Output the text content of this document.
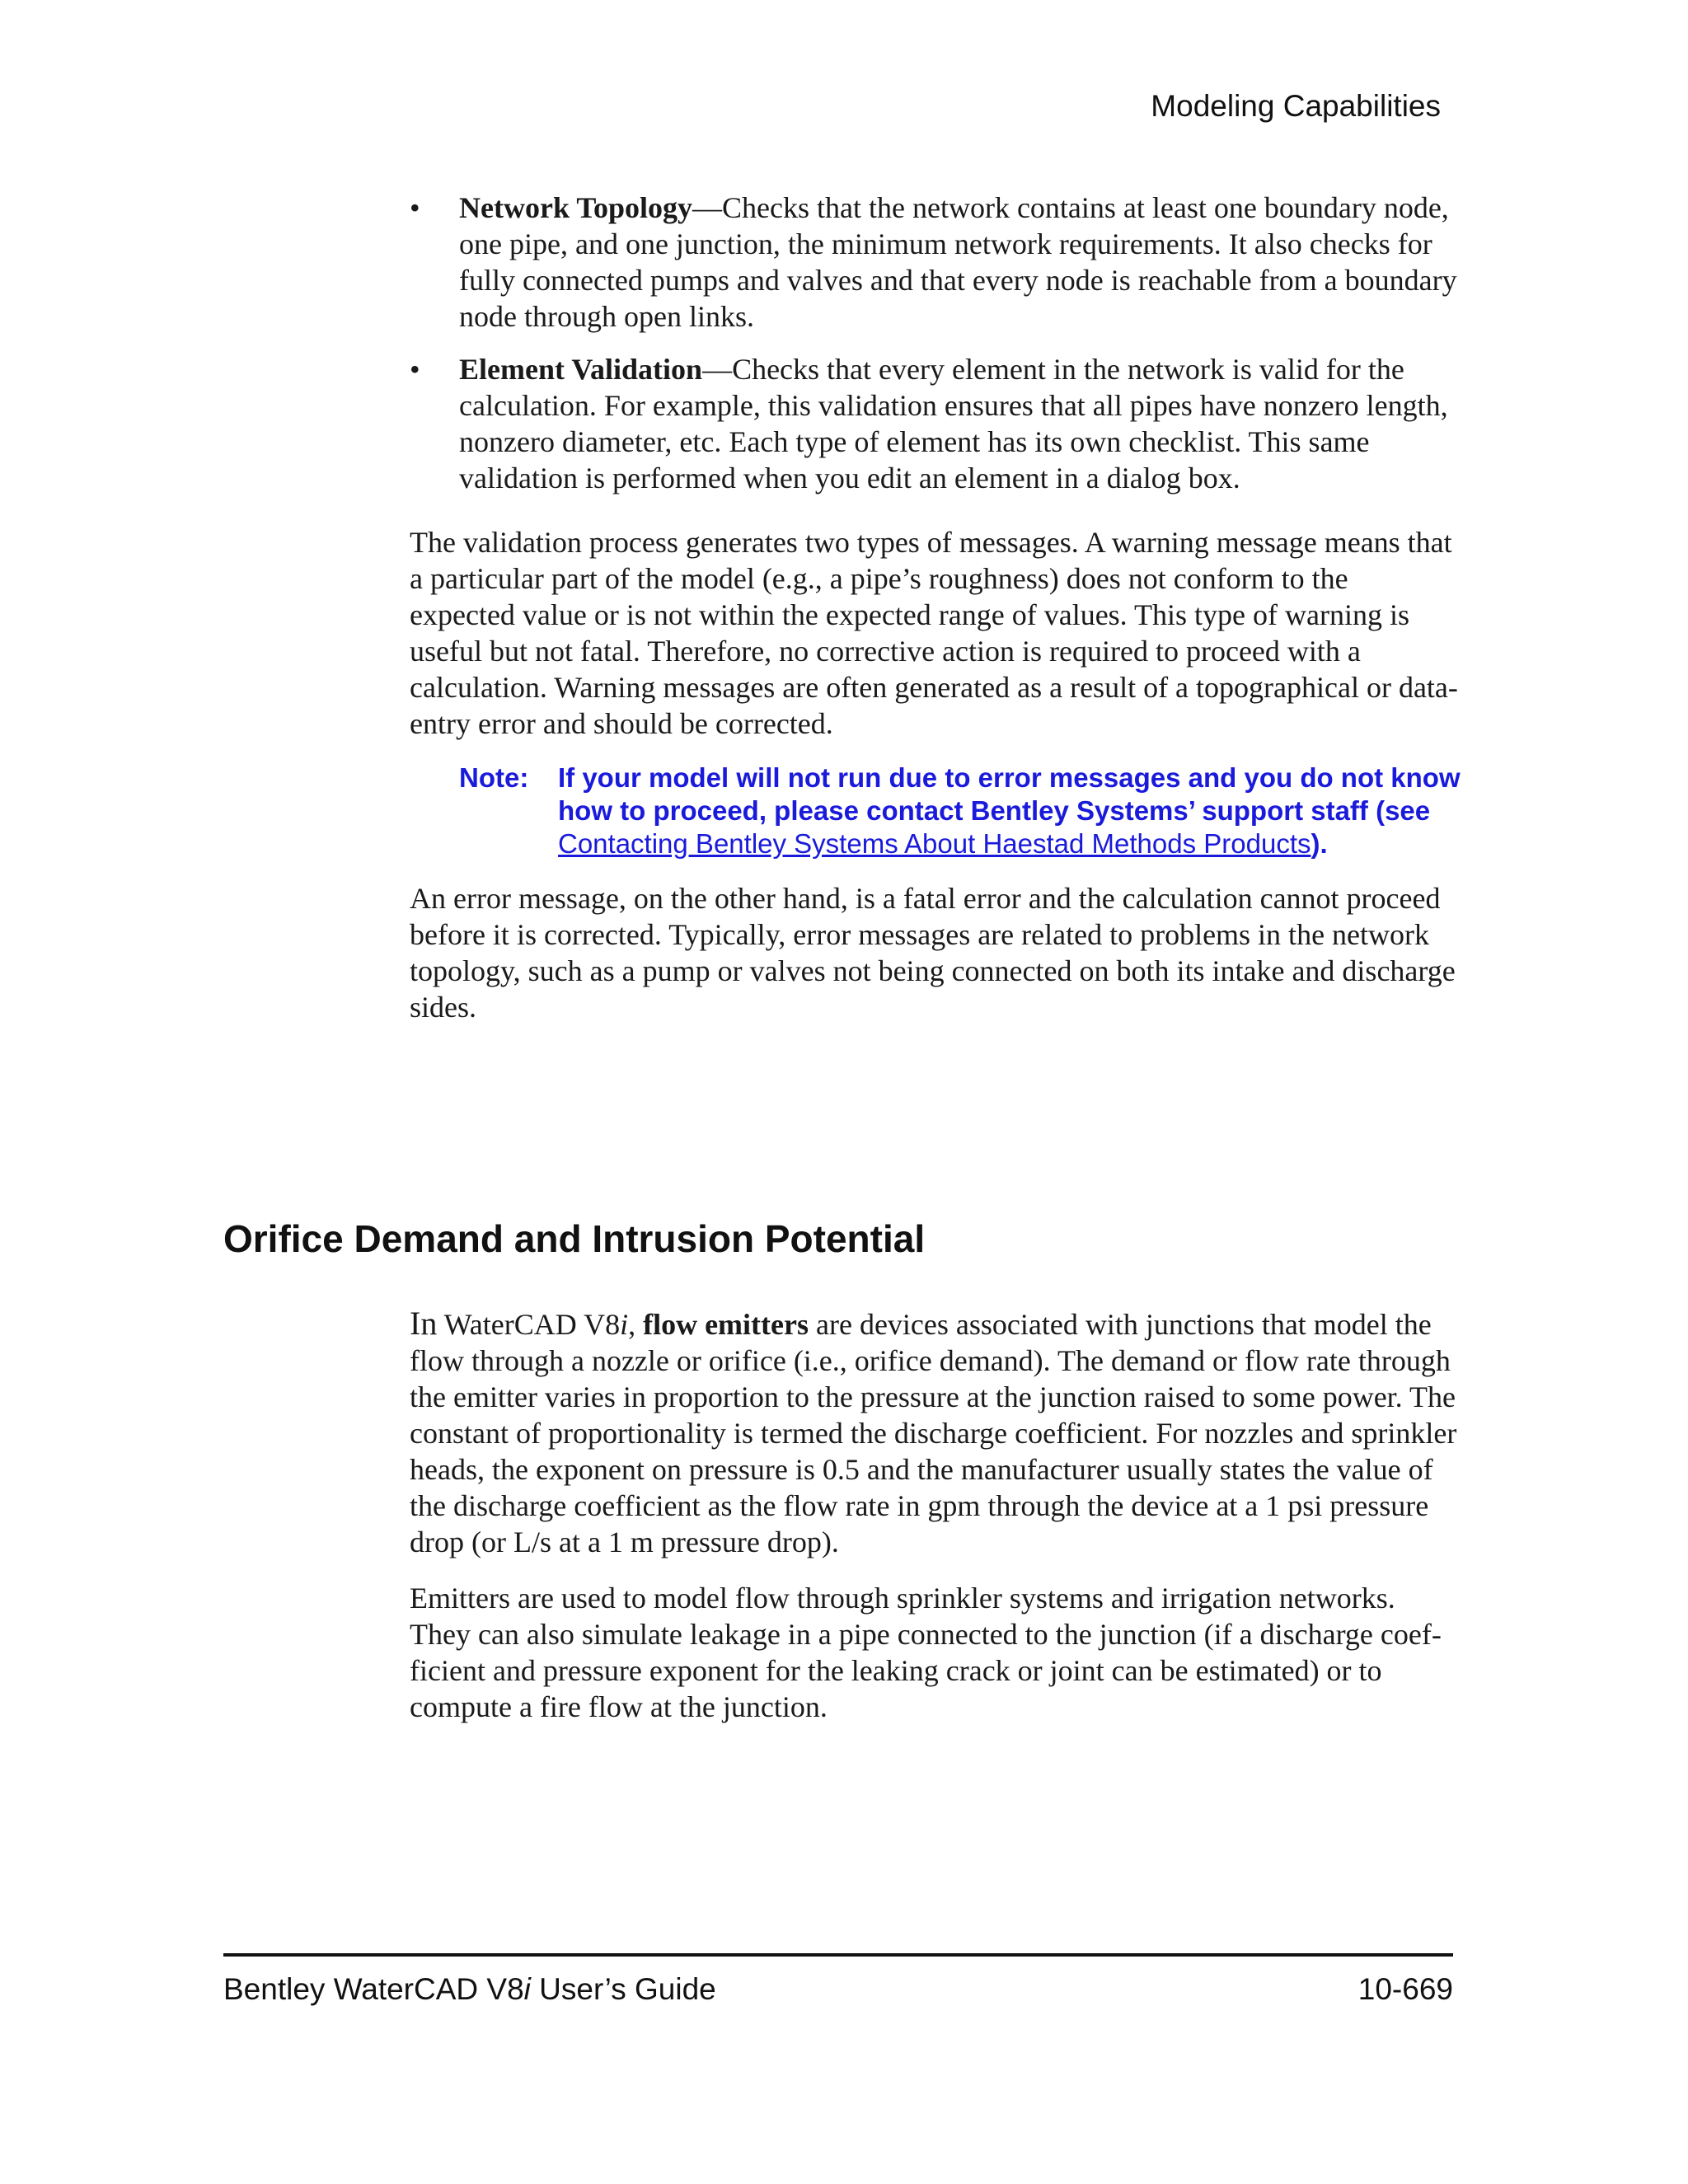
Modeling Capabilities
• Network Topology—Checks that the network contains at least one boundary node, one pipe, and one junction, the minimum network requirements. It also checks for fully connected pumps and valves and that every node is reachable from a boundary node through open links.
• Element Validation—Checks that every element in the network is valid for the calculation. For example, this validation ensures that all pipes have nonzero length, nonzero diameter, etc. Each type of element has its own checklist. This same validation is performed when you edit an element in a dialog box.

The validation process generates two types of messages. A warning message means that a particular part of the model (e.g., a pipe’s roughness) does not conform to the expected value or is not within the expected range of values. This type of warning is useful but not fatal. Therefore, no corrective action is required to proceed with a calculation. Warning messages are often generated as a result of a topographical or data-entry error and should be corrected.

Note:	If your model will not run due to error messages and you do not know how to proceed, please contact Bentley Systems’ support staff (see Contacting Bentley Systems About Haestad Methods Products).

An error message, on the other hand, is a fatal error and the calculation cannot proceed before it is corrected. Typically, error messages are related to problems in the network topology, such as a pump or valves not being connected on both its intake and discharge sides.

Orifice Demand and Intrusion Potential

In WaterCAD V8i, flow emitters are devices associated with junctions that model the flow through a nozzle or orifice (i.e., orifice demand). The demand or flow rate through the emitter varies in proportion to the pressure at the junction raised to some power. The constant of proportionality is termed the discharge coefficient. For nozzles and sprinkler heads, the exponent on pressure is 0.5 and the manufacturer usually states the value of the discharge coefficient as the flow rate in gpm through the device at a 1 psi pressure drop (or L/s at a 1 m pressure drop).

Emitters are used to model flow through sprinkler systems and irrigation networks. They can also simulate leakage in a pipe connected to the junction (if a discharge coefficient and pressure exponent for the leaking crack or joint can be estimated) or to compute a fire flow at the junction.

Bentley WaterCAD V8i User’s Guide	10-669
